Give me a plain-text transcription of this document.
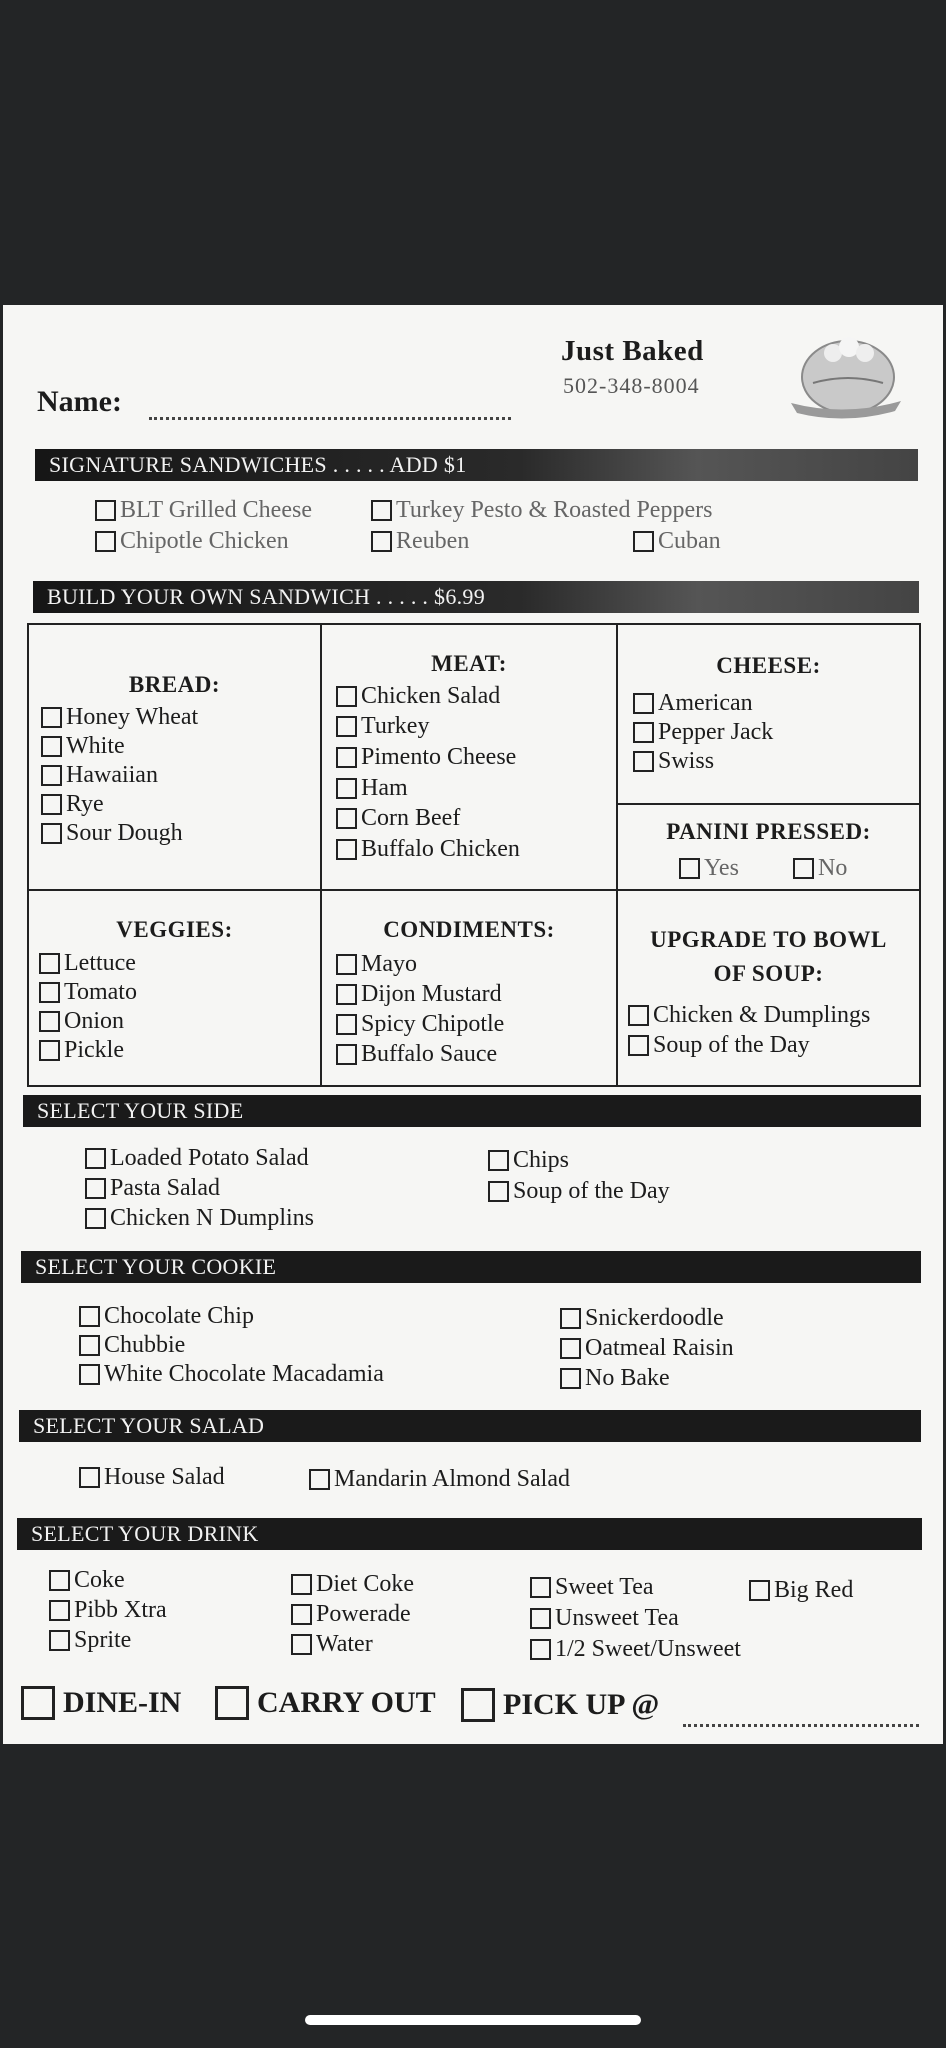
Just Baked
502-348-8004
Name:
SIGNATURE SANDWICHES . . . . . ADD $1
BLT Grilled Cheese	Turkey Pesto & Roasted Peppers
Chipotle Chicken	Reuben	Cuban
BUILD YOUR OWN SANDWICH . . . . . $6.99
BREAD:
Honey Wheat
White
Hawaiian
Rye
Sour Dough
MEAT:
Chicken Salad
Turkey
Pimento Cheese
Ham
Corn Beef
Buffalo Chicken
CHEESE:
American
Pepper Jack
Swiss
PANINI PRESSED:
Yes	No
VEGGIES:
Lettuce
Tomato
Onion
Pickle
CONDIMENTS:
Mayo
Dijon Mustard
Spicy Chipotle
Buffalo Sauce
UPGRADE TO BOWL
OF SOUP:
Chicken & Dumplings
Soup of the Day
SELECT YOUR SIDE
Loaded Potato Salad
Pasta Salad
Chicken N Dumplins
Chips
Soup of the Day
SELECT YOUR COOKIE
Chocolate Chip
Chubbie
White Chocolate Macadamia
Snickerdoodle
Oatmeal Raisin
No Bake
SELECT YOUR SALAD
House Salad	Mandarin Almond Salad
SELECT YOUR DRINK
Coke
Pibb Xtra
Sprite
Diet Coke
Powerade
Water
Sweet Tea
Unsweet Tea
1/2 Sweet/Unsweet
Big Red
DINE-IN	CARRY OUT PICK UP @
